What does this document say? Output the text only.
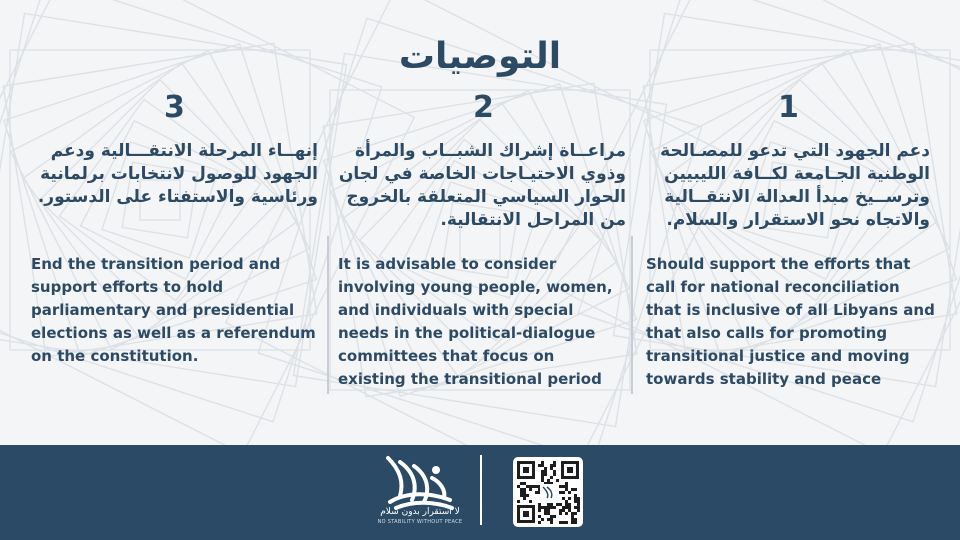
التوصيات
1

دعم الجهود التي تدعو للمصـالحة الوطنية الجـامعة لكــافة الليبيين وترســيخ مبدأ العدالة الانتقــالية والاتجاه نحو الاستقرار والسلام.

Should support the efforts that call for national reconciliation that is inclusive of all Libyans and that also calls for promoting transitional justice and moving towards stability and peace

2

مراعــاة إشراك الشبــاب والمرأة وذوي الاحتيـاجات الخاصة في لجان الحوار السياسي المتعلقة بالخروج من المراحل الانتقالية.

It is advisable to consider involving young people, women, and individuals with special needs in the political-dialogue committees that focus on existing the transitional period

3

إنهــاء المرحلة الانتقـــالية ودعم الجهود للوصول لانتخابات برلمانية ورئاسية والاستفتاء على الدستور.

End the transition period and support efforts to hold parliamentary and presidential elections as well as a referendum on the constitution.

لا استقرار بدون سلام
NO STABILITY WITHOUT PEACE
